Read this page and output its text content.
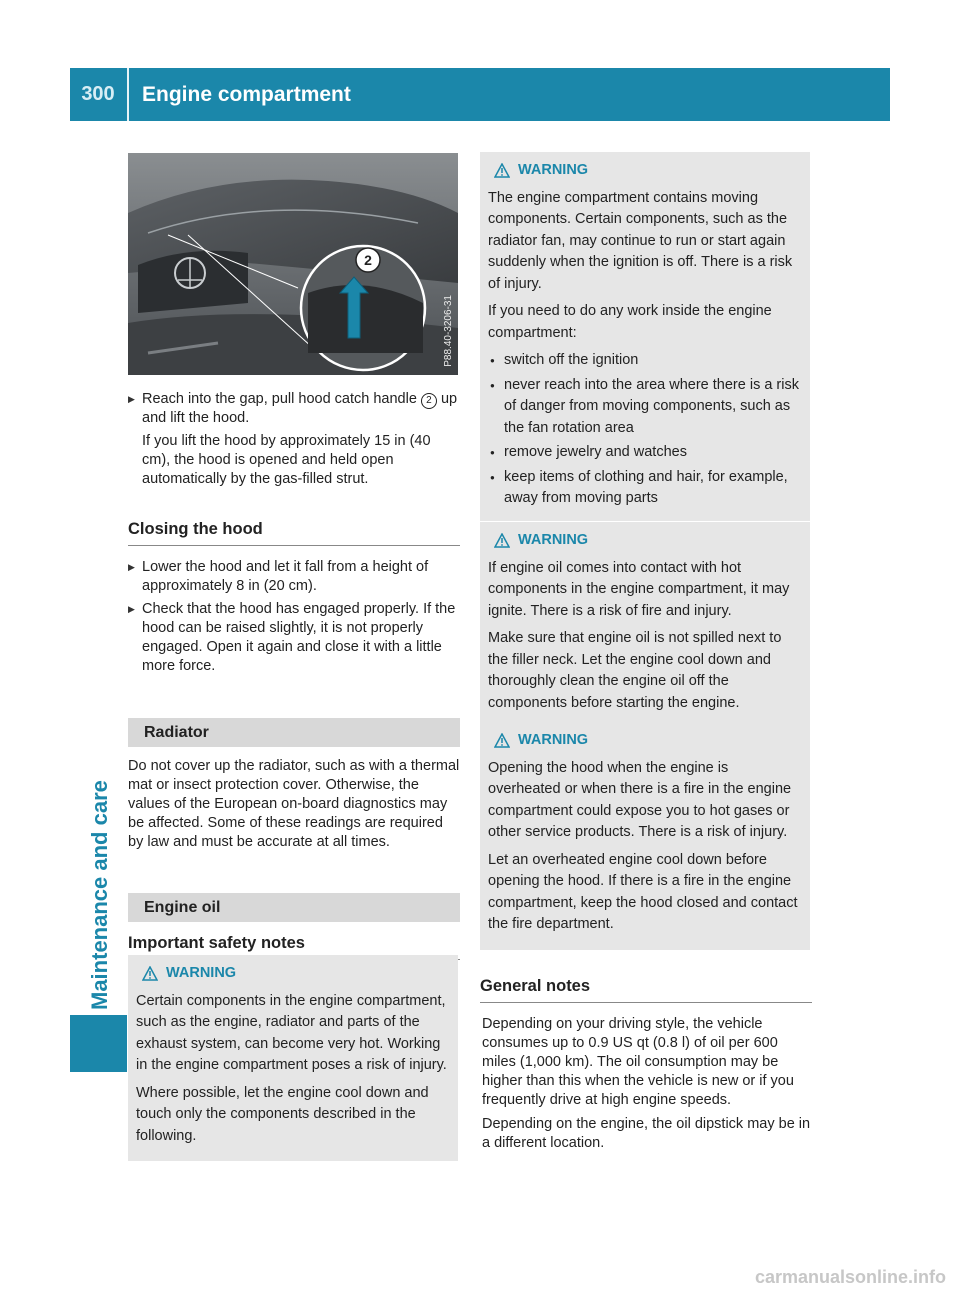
300	Engine compartment
Maintenance and care
2
P88.40-3206-31
▶ Reach into the gap, pull hood catch handle 2 up and lift the hood.

If you lift the hood by approximately 15 in (40 cm), the hood is opened and held open automatically by the gas-filled strut.

Closing the hood
▶ Lower the hood and let it fall from a height of approximately 8 in (20 cm).
▶ Check that the hood has engaged properly. If the hood can be raised slightly, it is not properly engaged. Open it again and close it with a little more force.
Radiator

Do not cover up the radiator, such as with a thermal mat or insect protection cover. Otherwise, the values of the European on-board diagnostics may be affected. Some of these readings are required by law and must be accurate at all times.

Engine oil
Important safety notes
WARNING

Certain components in the engine compartment, such as the engine, radiator and parts of the exhaust system, can become very hot. Working in the engine compartment poses a risk of injury.

Where possible, let the engine cool down and touch only the components described in the following.

WARNING

The engine compartment contains moving components. Certain components, such as the radiator fan, may continue to run or start again suddenly when the ignition is off. There is a risk of injury.

If you need to do any work inside the engine compartment:

● switch off the ignition
● never reach into the area where there is a risk of danger from moving components, such as the fan rotation area
● remove jewelry and watches
● keep items of clothing and hair, for example, away from moving parts
WARNING

If engine oil comes into contact with hot components in the engine compartment, it may ignite. There is a risk of fire and injury.

Make sure that engine oil is not spilled next to the filler neck. Let the engine cool down and thoroughly clean the engine oil off the components before starting the engine.

WARNING

Opening the hood when the engine is overheated or when there is a fire in the engine compartment could expose you to hot gases or other service products. There is a risk of injury.

Let an overheated engine cool down before opening the hood. If there is a fire in the engine compartment, keep the hood closed and contact the fire department.

General notes

Depending on your driving style, the vehicle consumes up to 0.9 US qt (0.8 l) of oil per 600 miles (1,000 km). The oil consumption may be higher than this when the vehicle is new or if you frequently drive at high engine speeds.

Depending on the engine, the oil dipstick may be in a different location.

carmanualsonline.info
